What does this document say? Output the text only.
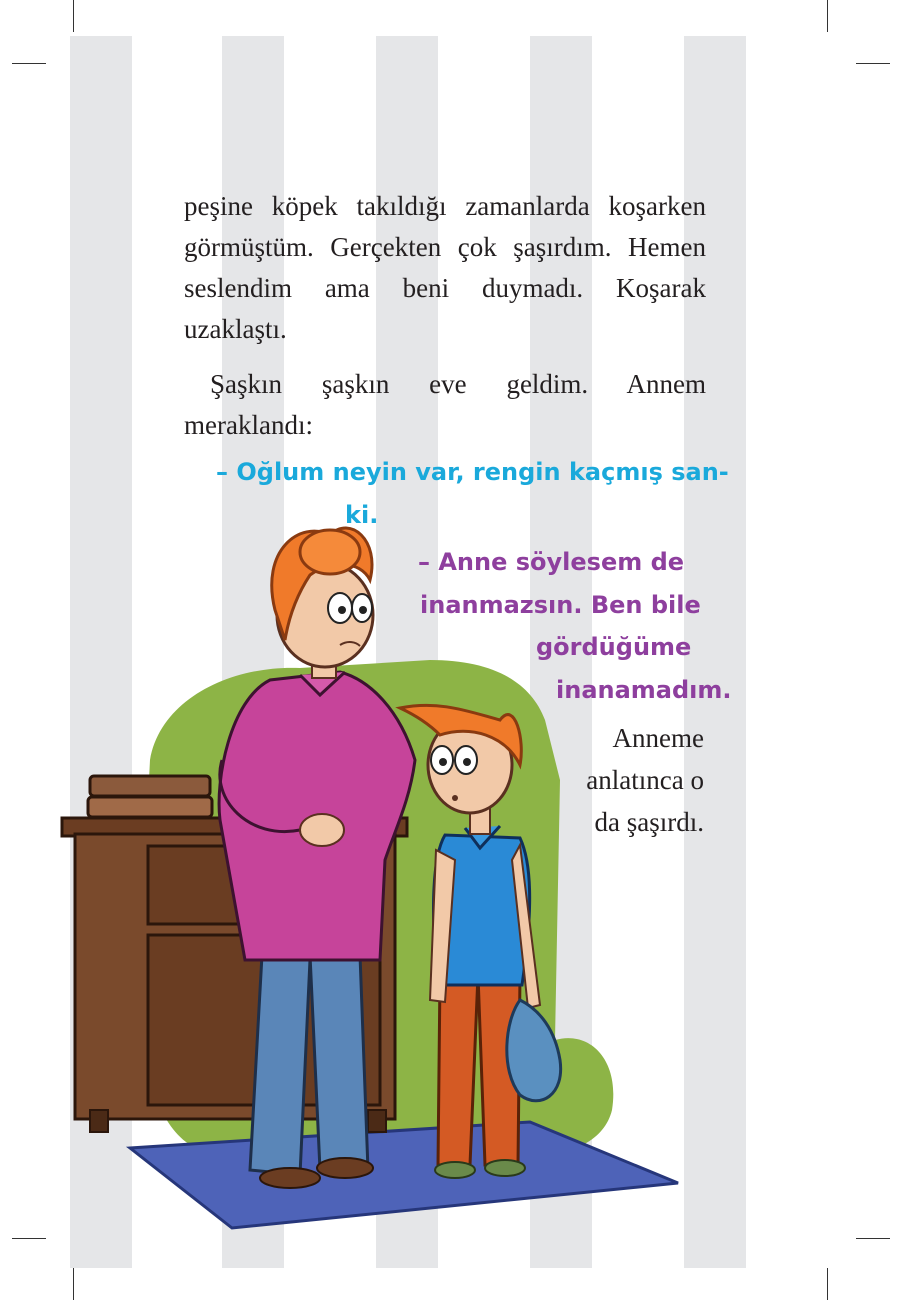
peşine köpek takıldığı zamanlarda koşarken görmüştüm. Gerçekten çok şaşırdım. Hemen seslendim ama beni duymadı. Koşarak uzaklaştı.

Şaşkın şaşkın eve geldim. Annem meraklandı:

– Oğlum neyin var, rengin kaçmış san-

ki.

– Anne söylesem de

inanmazsın. Ben bile

gördüğüme

inanamadım.

Anneme

anlatınca o

da şaşırdı.
